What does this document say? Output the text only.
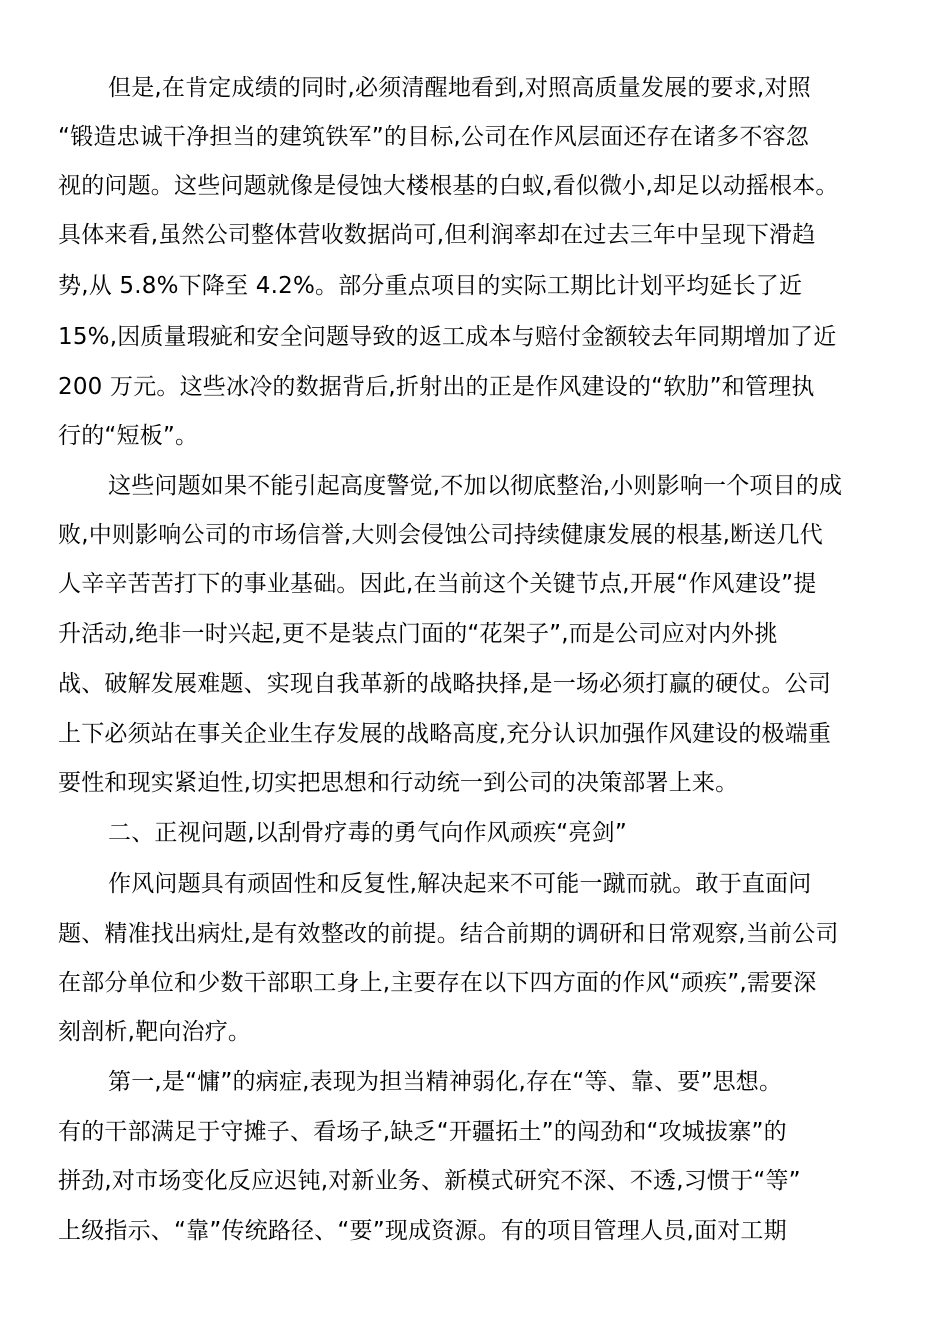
但是,在肯定成绩的同时,必须清醒地看到,对照高质量发展的要求,对照
“锻造忠诚干净担当的建筑铁军”的目标,公司在作风层面还存在诸多不容忽
视的问题。这些问题就像是侵蚀大楼根基的白蚁,看似微小,却足以动摇根本。
具体来看,虽然公司整体营收数据尚可,但利润率却在过去三年中呈现下滑趋
势,从 5.8%下降至 4.2%。部分重点项目的实际工期比计划平均延长了近
15%,因质量瑕疵和安全问题导致的返工成本与赔付金额较去年同期增加了近
200 万元。这些冰冷的数据背后,折射出的正是作风建设的“软肋”和管理执
行的“短板”。
这些问题如果不能引起高度警觉,不加以彻底整治,小则影响一个项目的成
败,中则影响公司的市场信誉,大则会侵蚀公司持续健康发展的根基,断送几代
人辛辛苦苦打下的事业基础。因此,在当前这个关键节点,开展“作风建设”提
升活动,绝非一时兴起,更不是装点门面的“花架子”,而是公司应对内外挑
战、破解发展难题、实现自我革新的战略抉择,是一场必须打赢的硬仗。公司
上下必须站在事关企业生存发展的战略高度,充分认识加强作风建设的极端重
要性和现实紧迫性,切实把思想和行动统一到公司的决策部署上来。
二、正视问题,以刮骨疗毒的勇气向作风顽疾“亮剑”
作风问题具有顽固性和反复性,解决起来不可能一蹴而就。敢于直面问
题、精准找出病灶,是有效整改的前提。结合前期的调研和日常观察,当前公司
在部分单位和少数干部职工身上,主要存在以下四方面的作风“顽疾”,需要深
刻剖析,靶向治疗。
第一,是“慵”的病症,表现为担当精神弱化,存在“等、靠、要”思想。
有的干部满足于守摊子、看场子,缺乏“开疆拓土”的闯劲和“攻城拔寨”的
拼劲,对市场变化反应迟钝,对新业务、新模式研究不深、不透,习惯于“等”
上级指示、“靠”传统路径、“要”现成资源。有的项目管理人员,面对工期
